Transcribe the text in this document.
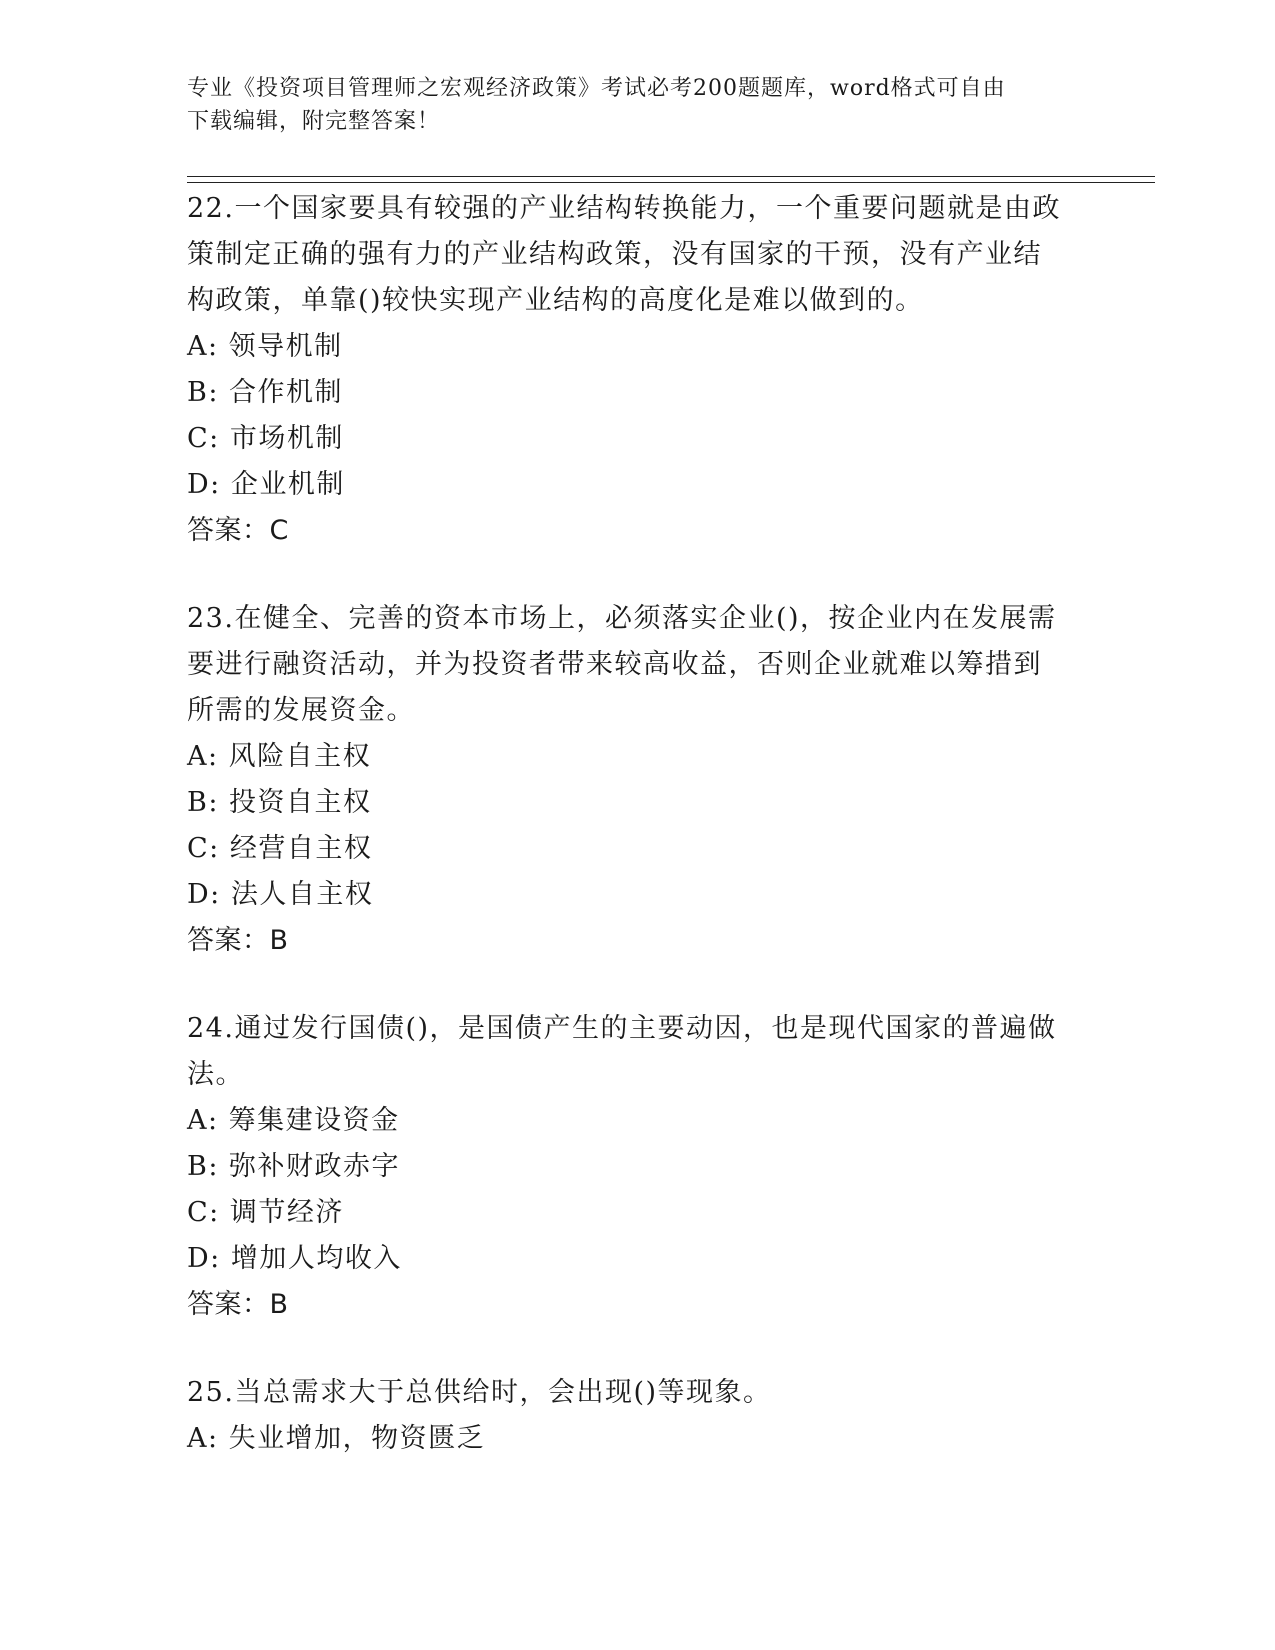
专业《投资项目管理师之宏观经济政策》考试必考200题题库，word格式可自由
下载编辑，附完整答案！
22.一个国家要具有较强的产业结构转换能力，一个重要问题就是由政
策制定正确的强有力的产业结构政策，没有国家的干预，没有产业结
构政策，单靠()较快实现产业结构的高度化是难以做到的。
A: 领导机制
B: 合作机制
C: 市场机制
D: 企业机制
答案：C
23.在健全、完善的资本市场上，必须落实企业()，按企业内在发展需
要进行融资活动，并为投资者带来较高收益，否则企业就难以筹措到
所需的发展资金。
A: 风险自主权
B: 投资自主权
C: 经营自主权
D: 法人自主权
答案：B
24.通过发行国债()，是国债产生的主要动因，也是现代国家的普遍做
法。
A: 筹集建设资金
B: 弥补财政赤字
C: 调节经济
D: 增加人均收入
答案：B
25.当总需求大于总供给时，会出现()等现象。
A: 失业增加，物资匮乏
